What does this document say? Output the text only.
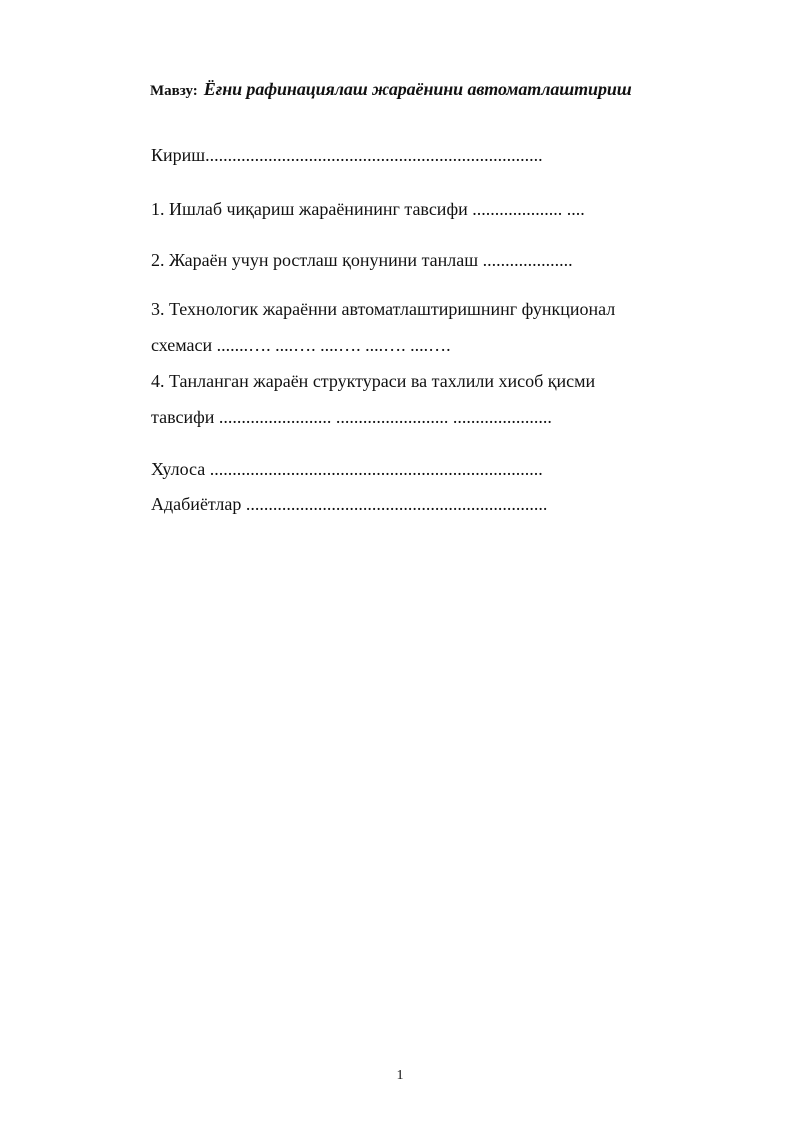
Мавзу: Ёғни рафинациялаш жараёнини автоматлаштириш
Кириш...........................................................................
1. Ишлаб чиқариш жараёнининг тавсифи .................... ....
2. Жараён учун ростлаш қонунини танлаш ....................
3. Технологик жараённи автоматлаштиришнинг функционал
схемаси .......…. ....…. ....…. ....…. ....….
4. Танланган жараён структураси ва тахлили хисоб қисми
тавсифи ......................... ......................... ......................
Хулоса ..........................................................................
Адабиётлар ...................................................................
1
